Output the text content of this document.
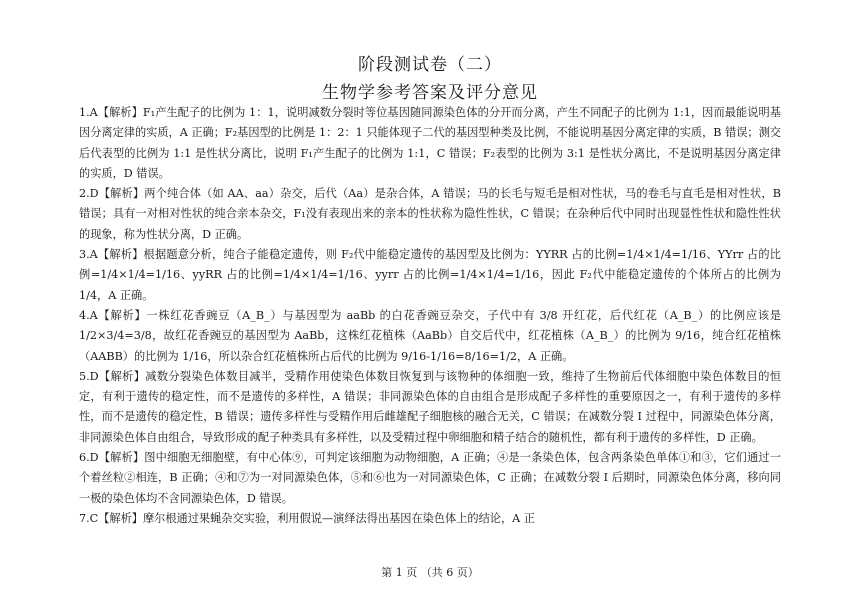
阶段测试卷（二）
生物学参考答案及评分意见

1.A【解析】F₁产生配子的比例为 1：1，说明减数分裂时等位基因随同源染色体的分开而分离，产生不同配子的比例为 1:1，因而最能说明基因分离定律的实质，A 正确；F₂基因型的比例是 1：2：1 只能体现子二代的基因型种类及比例，不能说明基因分离定律的实质，B 错误；测交后代表型的比例为 1:1 是性状分离比，说明 F₁产生配子的比例为 1:1，C 错误；F₂表型的比例为 3:1 是性状分离比，不是说明基因分离定律的实质，D 错误。

2.D【解析】两个纯合体（如 AA、aa）杂交，后代（Aa）是杂合体，A 错误；马的长毛与短毛是相对性状，马的卷毛与直毛是相对性状，B 错误；具有一对相对性状的纯合亲本杂交，F₁没有表现出来的亲本的性状称为隐性性状，C 错误；在杂种后代中同时出现显性性状和隐性性状的现象，称为性状分离，D 正确。

3.A【解析】根据题意分析，纯合子能稳定遗传，则 F₂代中能稳定遗传的基因型及比例为：YYRR 占的比例=1/4×1/4=1/16、YYrr 占的比例=1/4×1/4=1/16、yyRR 占的比例=1/4×1/4=1/16、yyrr 占的比例=1/4×1/4=1/16，因此 F₂代中能稳定遗传的个体所占的比例为 1/4，A 正确。

4.A【解析】一株红花香豌豆（A_B_）与基因型为 aaBb 的白花香豌豆杂交，子代中有 3/8 开红花，后代红花（A_B_）的比例应该是 1/2×3/4=3/8，故红花香豌豆的基因型为 AaBb，这株红花植株（AaBb）自交后代中，红花植株（A_B_）的比例为 9/16，纯合红花植株（AABB）的比例为 1/16，所以杂合红花植株所占后代的比例为 9/16-1/16=8/16=1/2，A 正确。

5.D【解析】减数分裂染色体数目减半，受精作用使染色体数目恢复到与该物种的体细胞一致，维持了生物前后代体细胞中染色体数目的恒定，有利于遗传的稳定性，而不是遗传的多样性，A 错误；非同源染色体的自由组合是形成配子多样性的重要原因之一，有利于遗传的多样性，而不是遗传的稳定性，B 错误；遗传多样性与受精作用后雌雄配子细胞核的融合无关，C 错误；在减数分裂 I 过程中，同源染色体分离，非同源染色体自由组合，导致形成的配子种类具有多样性，以及受精过程中卵细胞和精子结合的随机性，都有利于遗传的多样性，D 正确。

6.D【解析】图中细胞无细胞壁，有中心体⑨，可判定该细胞为动物细胞，A 正确；④是一条染色体，包含两条染色单体①和③，它们通过一个着丝粒②相连，B 正确；④和⑦为一对同源染色体，⑤和⑥也为一对同源染色体，C 正确；在减数分裂 I 后期时，同源染色体分离，移向同一极的染色体均不含同源染色体，D 错误。

7.C【解析】摩尔根通过果蝇杂交实验，利用假说—演绎法得出基因在染色体上的结论，A 正

第 1 页 （共 6 页）
